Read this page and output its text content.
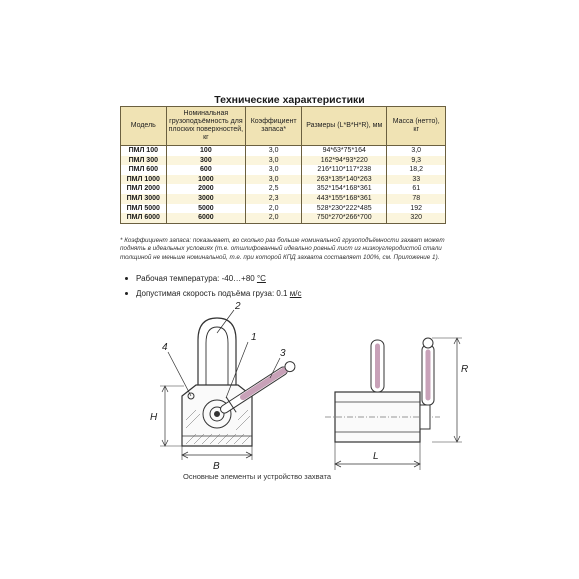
Технические характеристики
Модель	Номинальная грузоподъёмность для плоских поверхностей, кг	Коэффициент запаса*	Размеры (L*B*H*R), мм	Масса (нетто), кг
ПМЛ 100	100	3,0	94*63*75*164	3,0
ПМЛ 300	300	3,0	162*94*93*220	9,3
ПМЛ 600	600	3,0	216*110*117*238	18,2
ПМЛ 1000	1000	3,0	263*135*140*263	33
ПМЛ 2000	2000	2,5	352*154*168*361	61
ПМЛ 3000	3000	2,3	443*155*168*361	78
ПМЛ 5000	5000	2,0	528*230*222*485	192
ПМЛ 6000	6000	2,0	750*270*266*700	320
* Коэффициент запаса: показывает, во сколько раз больше номинальной грузоподъёмности захват может поднять в идеальных условиях (т.е. отшлифованный идеально ровный лист из низкоуглеродистой стали толщиной не меньше номинальной, т.е. при которой КПД захвата составляет 100%, см. Приложение 1).
Рабочая температура: -40…+80 °C
Допустимая скорость подъёма груза: 0.1 м/с
1
2
3
4
H
B
L
R
Основные элементы и устройство захвата
